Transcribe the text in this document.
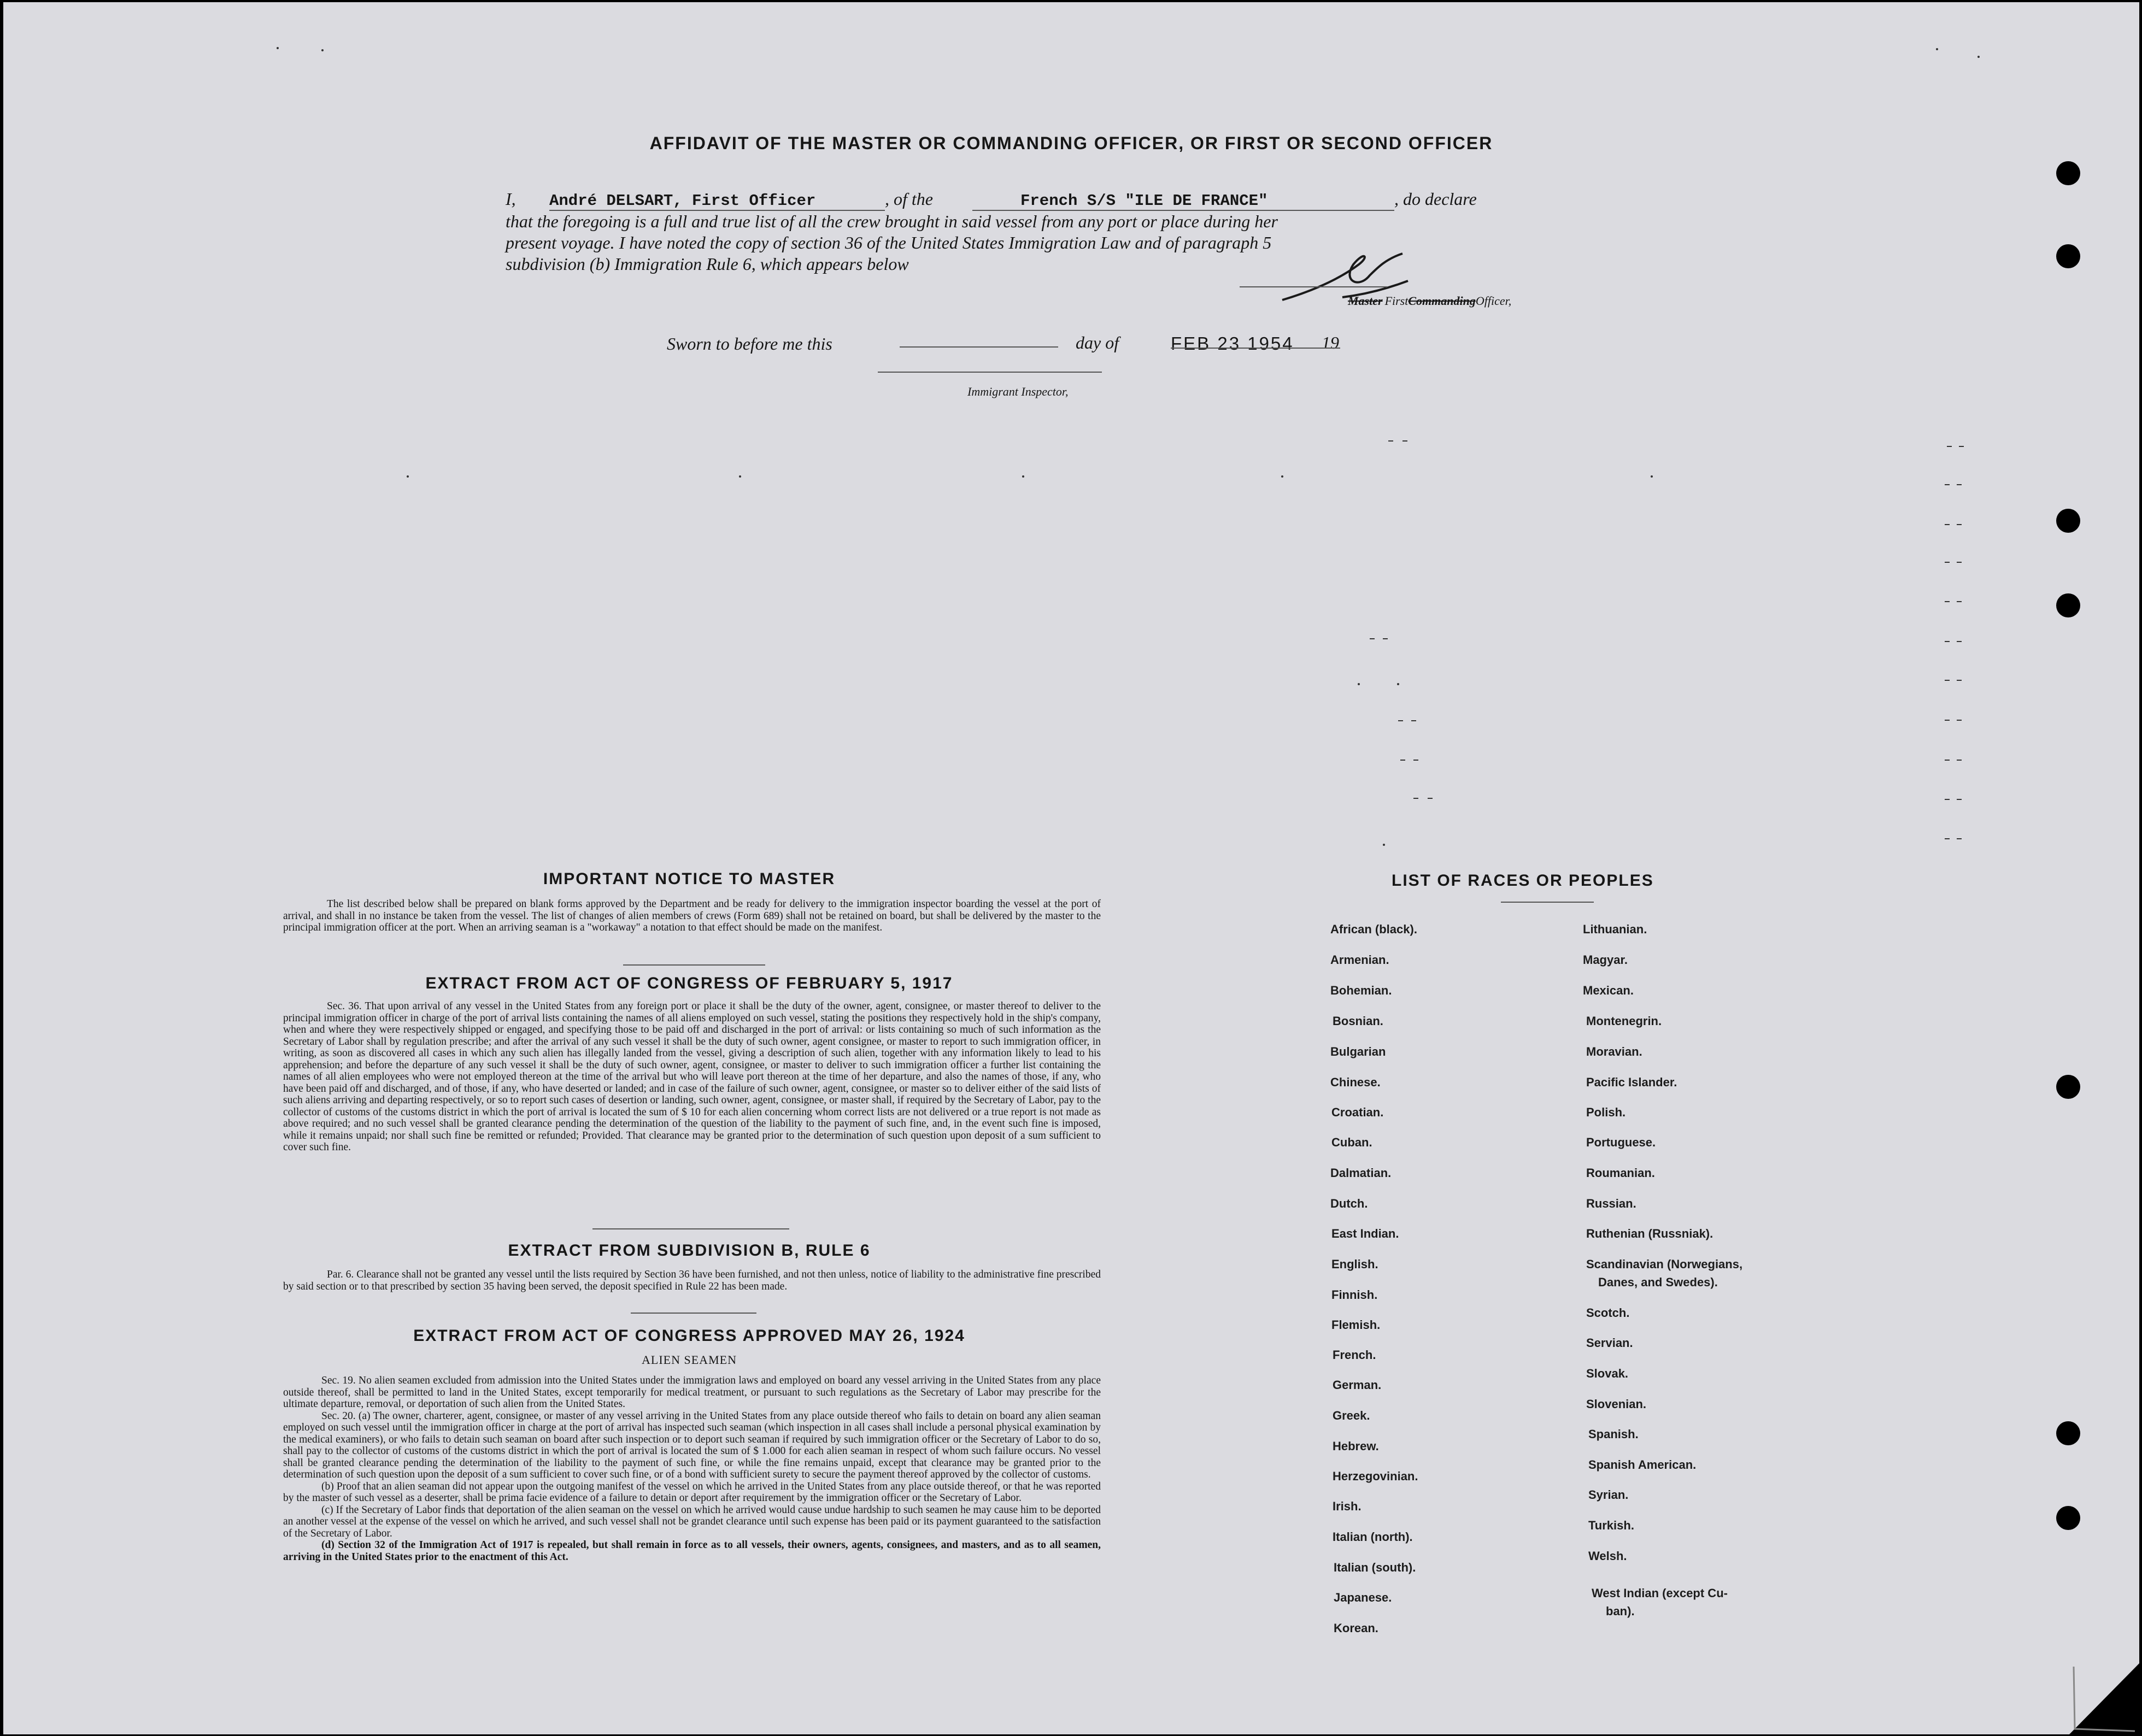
AFFIDAVIT OF THE MASTER OR COMMANDING OFFICER, OR FIRST OR SECOND OFFICER
I, André DELSART, First Officer	, of the	French S/S "ILE DE FRANCE"	, do declare
that the foregoing is a full and true list of all the crew brought in said vessel from any port or place during her
present voyage. I have noted the copy of section 36 of the United States Immigration Law and of paragraph 5
subdivision (b) Immigration Rule 6, which appears below
Master FirstCommandingOfficer,
Sworn to before me this	day of	FEB 23 1954 19
Immigrant Inspector,
IMPORTANT NOTICE TO MASTER
The list described below shall be prepared on blank forms approved by the Department and be ready for delivery to the immigration inspector boarding the vessel at the port of arrival, and shall in no instance be taken from the vessel. The list of changes of alien members of crews (Form 689) shall not be retained on board, but shall be delivered by the master to the principal immigration officer at the port. When an arriving seaman is a "workaway" a notation to that effect should be made on the manifest.
EXTRACT FROM ACT OF CONGRESS OF FEBRUARY 5, 1917
Sec. 36. That upon arrival of any vessel in the United States from any foreign port or place it shall be the duty of the owner, agent, consignee, or master thereof to deliver to the principal immigration officer in charge of the port of arrival lists containing the names of all aliens employed on such vessel, stating the positions they respectively hold in the ship's company, when and where they were respectively shipped or engaged, and specifying those to be paid off and discharged in the port of arrival: or lists containing so much of such information as the Secretary of Labor shall by regulation prescribe; and after the arrival of any such vessel it shall be the duty of such owner, agent consignee, or master to report to such immigration officer, in writing, as soon as discovered all cases in which any such alien has illegally landed from the vessel, giving a description of such alien, together with any information likely to lead to his apprehension; and before the departure of any such vessel it shall be the duty of such owner, agent, consignee, or master to deliver to such immigration officer a further list containing the names of all alien employees who were not employed thereon at the time of the arrival but who will leave port thereon at the time of her departure, and also the names of those, if any, who have been paid off and discharged, and of those, if any, who have deserted or landed; and in case of the failure of such owner, agent, consignee, or master so to deliver either of the said lists of such aliens arriving and departing respectively, or so to report such cases of desertion or landing, such owner, agent, consignee, or master shall, if required by the Secretary of Labor, pay to the collector of customs of the customs district in which the port of arrival is located the sum of $ 10 for each alien concerning whom correct lists are not delivered or a true report is not made as above required; and no such vessel shall be granted clearance pending the determination of the question of the liability to the payment of such fine, and, in the event such fine is imposed, while it remains unpaid; nor shall such fine be remitted or refunded; Provided. That clearance may be granted prior to the determination of such question upon deposit of a sum sufficient to cover such fine.
EXTRACT FROM SUBDIVISION B, RULE 6
Par. 6. Clearance shall not be granted any vessel until the lists required by Section 36 have been furnished, and not then unless, notice of liability to the administrative fine prescribed by said section or to that prescribed by section 35 having been served, the deposit specified in Rule 22 has been made.
EXTRACT FROM ACT OF CONGRESS APPROVED MAY 26, 1924
ALIEN SEAMEN

Sec. 19. No alien seamen excluded from admission into the United States under the immigration laws and employed on board any vessel arriving in the United States from any place outside thereof, shall be permitted to land in the United States, except temporarily for medical treatment, or pursuant to such regulations as the Secretary of Labor may prescribe for the ultimate departure, removal, or deportation of such alien from the United States.

Sec. 20. (a) The owner, charterer, agent, consignee, or master of any vessel arriving in the United States from any place outside thereof who fails to detain on board any alien seaman employed on such vessel until the immigration officer in charge at the port of arrival has inspected such seaman (which inspection in all cases shall include a personal physical examination by the medical examiners), or who fails to detain such seaman on board after such inspection or to deport such seaman if required by such immigration officer or the Secretary of Labor to do so, shall pay to the collector of customs of the customs district in which the port of arrival is located the sum of $ 1.000 for each alien seaman in respect of whom such failure occurs. No vessel shall be granted clearance pending the determination of the liability to the payment of such fine, or while the fine remains unpaid, except that clearance may be granted prior to the determination of such question upon the deposit of a sum sufficient to cover such fine, or of a bond with sufficient surety to secure the payment thereof approved by the collector of customs.

(b) Proof that an alien seaman did not appear upon the outgoing manifest of the vessel on which he arrived in the United States from any place outside thereof, or that he was reported by the master of such vessel as a deserter, shall be prima facie evidence of a failure to detain or deport after requirement by the immigration officer or the Secretary of Labor.

(c) If the Secretary of Labor finds that deportation of the alien seaman on the vessel on which he arrived would cause undue hardship to such seamen he may cause him to be deported an another vessel at the expense of the vessel on which he arrived, and such vessel shall not be grandet clearance until such expense has been paid or its payment guaranteed to the satisfaction of the Secretary of Labor.

(d) Section 32 of the Immigration Act of 1917 is repealed, but shall remain in force as to all vessels, their owners, agents, consignees, and masters, and as to all seamen, arriving in the United States prior to the enactment of this Act.

LIST OF RACES OR PEOPLES
African (black).
Armenian.
Bohemian.
Bosnian.
Bulgarian
Chinese.
Croatian.
Cuban.
Dalmatian.
Dutch.
East Indian.
English.
Finnish.
Flemish.
French.
German.
Greek.
Hebrew.
Herzegovinian.
Irish.
Italian (north).
Italian (south).
Japanese.
Korean.
Lithuanian.
Magyar.
Mexican.
Montenegrin.
Moravian.
Pacific Islander.
Polish.
Portuguese.
Roumanian.
Russian.
Ruthenian (Russniak).
Scandinavian (Norwegians,
Danes, and Swedes).
Scotch.
Servian.
Slovak.
Slovenian.
Spanish.
Spanish American.
Syrian.
Turkish.
Welsh.
West Indian (except Cu-
ban).
